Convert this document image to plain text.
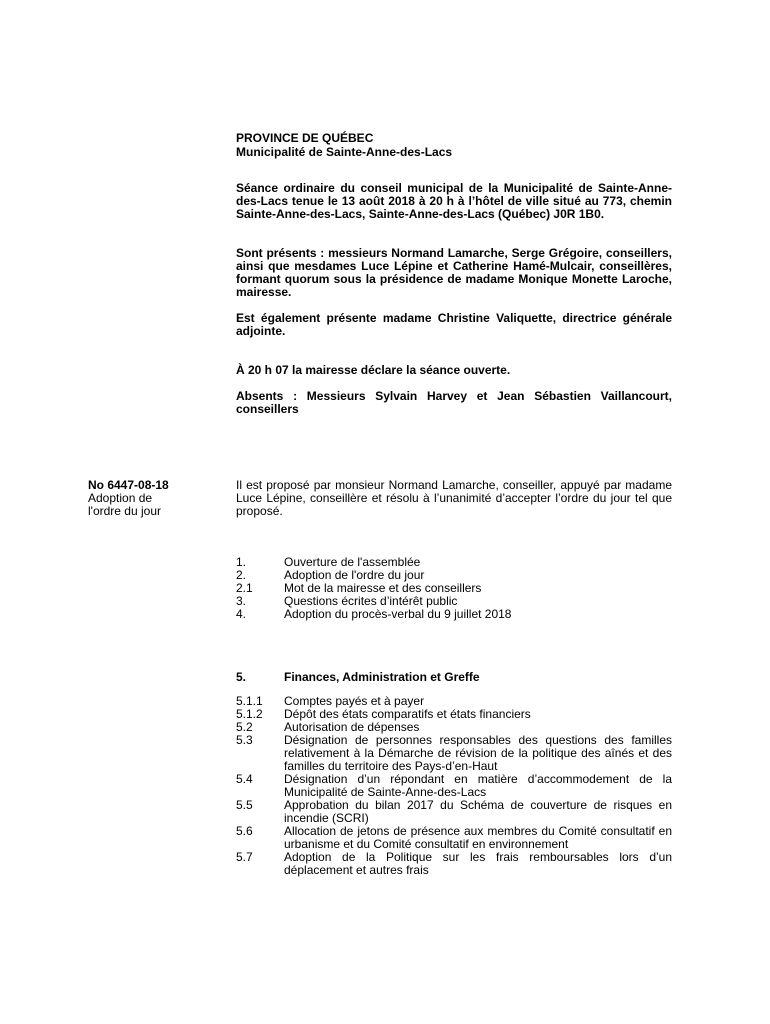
PROVINCE DE QUÉBEC
Municipalité de Sainte-Anne-des-Lacs
Séance ordinaire du conseil municipal de la Municipalité de Sainte-Anne-des-Lacs tenue le 13 août 2018 à 20 h à l’hôtel de ville situé au 773, chemin Sainte-Anne-des-Lacs, Sainte-Anne-des-Lacs (Québec) J0R 1B0.
Sont présents : messieurs Normand Lamarche, Serge Grégoire, conseillers, ainsi que mesdames Luce Lépine et Catherine Hamé-Mulcair, conseillères, formant quorum sous la présidence de madame Monique Monette Laroche, mairesse.
Est également présente madame Christine Valiquette, directrice générale adjointe.
À 20 h 07 la mairesse déclare la séance ouverte.
Absents : Messieurs Sylvain Harvey et Jean Sébastien Vaillancourt, conseillers
No 6447-08-18
Adoption de
l'ordre du jour
Il est proposé par monsieur Normand Lamarche, conseiller, appuyé par madame Luce Lépine, conseillère et résolu à l’unanimité d’accepter l’ordre du jour tel que proposé.
1.	Ouverture de l'assemblée
2.	Adoption de l'ordre du jour
2.1	Mot de la mairesse et des conseillers
3.	Questions écrites d’intérêt public
4.	Adoption du procès-verbal du 9 juillet 2018
5.	Finances, Administration et Greffe
5.1.1	Comptes payés et à payer
5.1.2	Dépôt des états comparatifs et états financiers
5.2	Autorisation de dépenses
5.3	Désignation de personnes responsables des questions des familles relativement à la Démarche de révision de la politique des aînés et des familles du territoire des Pays-d’en-Haut
5.4	Désignation d’un répondant en matière d’accommodement de la Municipalité de Sainte-Anne-des-Lacs
5.5	Approbation du bilan 2017 du Schéma de couverture de risques en incendie (SCRI)
5.6	Allocation de jetons de présence aux membres du Comité consultatif en urbanisme et du Comité consultatif en environnement
5.7	Adoption de la Politique sur les frais remboursables lors d’un déplacement et autres frais
